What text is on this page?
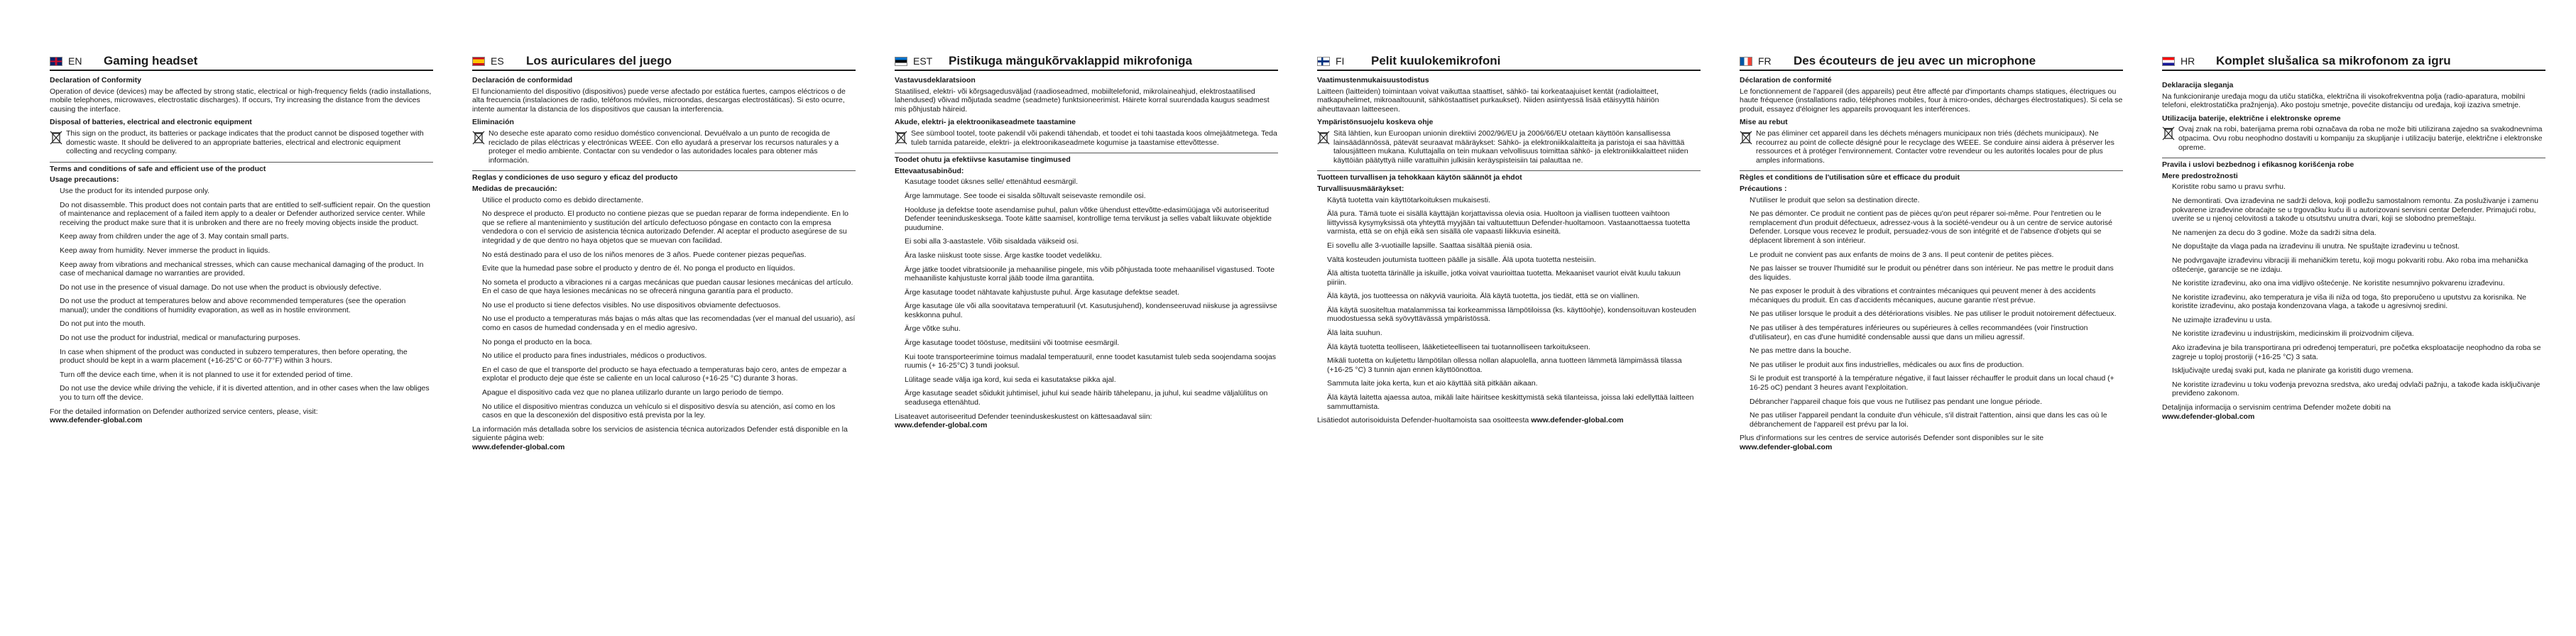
EN	Gaming headset
Declaration of Conformity

Operation of device (devices) may be affected by strong static, electrical or high-frequency fields (radio installations, mobile telephones, microwaves, electrostatic discharges). If occurs, Try increasing the distance from the devices causing the interface.

Disposal of batteries, electrical and electronic equipment

This sign on the product, its batteries or package indicates that the product cannot be disposed together with domestic waste. It should be delivered to an appropriate batteries, electrical and electronic equipment collecting and recycling company.

Terms and conditions of safe and efficient use of the product
Usage precautions:
Use the product for its intended purpose only.
Do not disassemble. This product does not contain parts that are entitled to self-sufficient repair. On the question of maintenance and replacement of a failed item apply to a dealer or Defender authorized service center. While receiving the product make sure that it is unbroken and there are no freely moving objects inside the product.
Keep away from children under the age of 3. May contain small parts.
Keep away from humidity. Never immerse the product in liquids.
Keep away from vibrations and mechanical stresses, which can cause mechanical damaging of the product. In case of mechanical damage no warranties are provided.
Do not use in the presence of visual damage. Do not use when the product is obviously defective.
Do not use the product at temperatures below and above recommended temperatures (see the operation manual); under the conditions of humidity evaporation, as well as in hostile environment.
Do not put into the mouth.
Do not use the product for industrial, medical or manufacturing purposes.
In case when shipment of the product was conducted in subzero temperatures, then before operating, the product should be kept in a warm placement (+16-25°C or 60-77°F) within 3 hours.
Turn off the device each time, when it is not planned to use it for extended period of time.
Do not use the device while driving the vehicle, if it is diverted attention, and in other cases when the law obliges you to turn off the device.
For the detailed information on Defender authorized service centers, please, visit:
www.defender-global.com
ES	Los auriculares del juego
Declaración de conformidad

El funcionamiento del dispositivo (dispositivos) puede verse afectado por estática fuertes, campos eléctricos o de alta frecuencia (instalaciones de radio, teléfonos móviles, microondas, descargas electrostáticas). Si esto ocurre, intente aumentar la distancia de los dispositivos que causan la interferencia.

Eliminación

No deseche este aparato como residuo doméstico convencional. Devuélvalo a un punto de recogida de reciclado de pilas eléctricas y electrónicas WEEE. Con ello ayudará a preservar los recursos naturales y a proteger el medio ambiente. Contactar con su vendedor o las autoridades locales para obtener más información.

Reglas y condiciones de uso seguro y eficaz del producto
Medidas de precaución:
Utilice el producto como es debido directamente.
No desprece el producto. El producto no contiene piezas que se puedan reparar de forma independiente. En lo que se refiere al mantenimiento y sustitución del artículo defectuoso póngase en contacto con la empresa vendedora o con el servicio de asistencia técnica autorizado Defender. Al aceptar el producto asegúrese de su integridad y de que dentro no haya objetos que se muevan con facilidad.
No está destinado para el uso de los niños menores de 3 años. Puede contener piezas pequeñas.
Evite que la humedad pase sobre el producto y dentro de él. No ponga el producto en líquidos.
No someta el producto a vibraciones ni a cargas mecánicas que puedan causar lesiones mecánicas del artículo. En el caso de que haya lesiones mecánicas no se ofrecerá ninguna garantía para el producto.
No use el producto si tiene defectos visibles. No use dispositivos obviamente defectuosos.
No use el producto a temperaturas más bajas o más altas que las recomendadas (ver el manual del usuario), así como en casos de humedad condensada y en el medio agresivo.
No ponga el producto en la boca.
No utilice el producto para fines industriales, médicos o productivos.
En el caso de que el transporte del producto se haya efectuado a temperaturas bajo cero, antes de empezar a explotar el producto deje que éste se caliente en un local caluroso (+16-25 °C) durante 3 horas.
Apague el dispositivo cada vez que no planea utilizarlo durante un largo periodo de tiempo.
No utilice el dispositivo mientras conduzca un vehículo si el dispositivo desvía su atención, así como en los casos en que la desconexión del dispositivo está prevista por la ley.
La información más detallada sobre los servicios de asistencia técnica autorizados Defender está disponible en la siguiente página web:
www.defender-global.com
EST	Pistikuga mängukõrvaklappid mikrofoniga
Vastavusdeklaratsioon

Staatilised, elektri- või kõrgsagedusväljad (raadioseadmed, mobiiltelefonid, mikrolaineahjud, elektrostaatilised lahendused) võivad mõjutada seadme (seadmete) funktsioneerimist. Häirete korral suurendada kaugus seadmest mis põhjustab häireid.

Akude, elektri- ja elektroonikaseadmete taastamine

See sümbool tootel, toote pakendil või pakendi tähendab, et toodet ei tohi taastada koos olmejäätmetega. Teda tuleb tarnida patareide, elektri- ja elektroonikaseadmete kogumise ja taastamise ettevõttesse.

Toodet ohutu ja efektiivse kasutamise tingimused
Ettevaatusabinõud:
Kasutage toodet üksnes selle/ ettenähtud eesmärgil.
Ärge lammutage. See toode ei sisalda sõltuvalt seisevaste remondile osi.
Hoolduse ja defektse toote asendamise puhul, palun võtke ühendust ettevõtte-edasimüüjaga või autoriseeritud Defender teeninduskesksega. Toote kätte saamisel, kontrollige tema tervikust ja selles vabalt liikuvate objektide puudumine.
Ei sobi alla 3-aastastele. Võib sisaldada väikseid osi.
Ära laske niiskust toote sisse. Ärge kastke toodet vedelikku.
Ärge jätke toodet vibratsioonile ja mehaanilise pingele, mis võib põhjustada toote mehaanilisel vigastused. Toote mehaaniliste kahjustuste korral jääb toode ilma garantiita.
Ärge kasutage toodet nähtavate kahjustuste puhul. Ärge kasutage defektse seadet.
Ärge kasutage üle või alla soovitatava temperatuuril (vt. Kasutusjuhend), kondenseeruvad niiskuse ja agressiivse keskkonna puhul.
Ärge võtke suhu.
Ärge kasutage toodet tööstuse, meditsiini või tootmise eesmärgil.
Kui toote transporteerimine toimus madalal temperatuuril, enne toodet kasutamist tuleb seda soojendama soojas ruumis (+ 16-25°C) 3 tundi jooksul.
Lülitage seade välja iga kord, kui seda ei kasutatakse pikka ajal.
Ärge kasutage seadet sõidukit juhtimisel, juhul kui seade häirib tähelepanu, ja juhul, kui seadme väljalülitus on seadusega ettenähtud.
Lisateavet autoriseeritud Defender teeninduskeskustest on kättesaadaval siin:
www.defender-global.com
FI	Pelit kuulokemikrofoni
Vaatimustenmukaisuustodistus

Laitteen (laitteiden) toimintaan voivat vaikuttaa staattiset, sähkö- tai korkeataajuiset kentät (radiolaitteet, matkapuhelimet, mikroaaltouunit, sähköstaattiset purkaukset). Niiden asiintyessä lisää etäisyyttä häiriön aiheuttavaan laitteeseen.

Ympäristönsuojelu koskeva ohje

Sitä lähtien, kun Euroopan unionin direktiivi 2002/96/EU ja 2006/66/EU otetaan käyttöön kansallisessa lainsäädännössä, pätevät seuraavat määräykset: Sähkö- ja elektroniikkalaitteita ja paristoja ei saa hävittää talousjätteen mukana. Kuluttajalla on tein mukaan velvollisuus toimittaa sähkö- ja elektroniikkalaitteet niiden käyttöiän päätyttyä niille varattuihin julkisiin keräyspisteisiin tai palauttaa ne.

Tuotteen turvallisen ja tehokkaan käytön säännöt ja ehdot
Turvallisuusmääräykset:
Käytä tuotetta vain käyttötarkoituksen mukaisesti.
Älä pura. Tämä tuote ei sisällä käyttäjän korjattavissa olevia osia. Huoltoon ja viallisen tuotteen vaihtoon liittyvissä kysymyksissä ota yhteyttä myyjään tai valtuutettuun Defender-huoltamoon. Vastaanottaessa tuotetta varmista, että se on ehjä eikä sen sisällä ole vapaasti liikkuvia esineitä.
Ei sovellu alle 3-vuotiaille lapsille. Saattaa sisältää pieniä osia.
Vältä kosteuden joutumista tuotteen päälle ja sisälle. Älä upota tuotetta nesteisiin.
Älä altista tuotetta tärinälle ja iskuille, jotka voivat vaurioittaa tuotetta. Mekaaniset vauriot eivät kuulu takuun piiriin.
Älä käytä, jos tuotteessa on näkyviä vaurioita. Älä käytä tuotetta, jos tiedät, että se on viallinen.
Älä käytä suositeltua matalammissa tai korkeammissa lämpötiloissa (ks. käyttöohje), kondensoituvan kosteuden muodostuessa sekä syövyttävässä ympäristössä.
Älä laita suuhun.
Älä käytä tuotetta teolliseen, lääketieteelliseen tai tuotannolliseen tarkoitukseen.
Mikäli tuotetta on kuljetettu lämpötilan ollessa nollan alapuolella, anna tuotteen lämmetä lämpimässä tilassa (+16-25 °C) 3 tunnin ajan ennen käyttöönottoa.
Sammuta laite joka kerta, kun et aio käyttää sitä pitkään aikaan.
Älä käytä laitetta ajaessa autoa, mikäli laite häiritsee keskittymistä sekä tilanteissa, joissa laki edellyttää laitteen sammuttamista.
Lisätiedot autorisoiduista Defender-huoltamoista saa osoitteesta www.defender-global.com
FR	Des écouteurs de jeu avec un microphone
Déclaration de conformité

Le fonctionnement de l'appareil (des appareils) peut être affecté par d'importants champs statiques, électriques ou haute fréquence (installations radio, téléphones mobiles, four à micro-ondes, décharges électrostatiques). Si cela se produit, essayez d'éloigner les appareils provoquant les interférences.

Mise au rebut

Ne pas éliminer cet appareil dans les déchets ménagers municipaux non triés (déchets municipaux). Ne recourrez au point de collecte désigné pour le recyclage des WEEE. Se conduire ainsi aidera à préserver les ressources et à protéger l'environnement. Contacter votre revendeur ou les autorités locales pour de plus amples informations.

Règles et conditions de l'utilisation sûre et efficace du produit
Précautions :
N'utiliser le produit que selon sa destination directe.
Ne pas démonter. Ce produit ne contient pas de pièces qu'on peut réparer soi-même. Pour l'entretien ou le remplacement d'un produit défectueux, adressez-vous à la société-vendeur ou à un centre de service autorisé Defender. Lorsque vous recevez le produit, persuadez-vous de son intégrité et de l'absence d'objets qui se déplacent librement à son intérieur.
Le produit ne convient pas aux enfants de moins de 3 ans. Il peut contenir de petites pièces.
Ne pas laisser se trouver l'humidité sur le produit ou pénétrer dans son intérieur. Ne pas mettre le produit dans des liquides.
Ne pas exposer le produit à des vibrations et contraintes mécaniques qui peuvent mener à des accidents mécaniques du produit. En cas d'accidents mécaniques, aucune garantie n'est prévue.
Ne pas utiliser lorsque le produit a des détériorations visibles. Ne pas utiliser le produit notoirement défectueux.
Ne pas utiliser à des températures inférieures ou supérieures à celles recommandées (voir l'instruction d'utilisateur), en cas d'une humidité condensable aussi que dans un milieu agressif.
Ne pas mettre dans la bouche.
Ne pas utiliser le produit aux fins industrielles, médicales ou aux fins de production.
Si le produit est transporté à la température négative, il faut laisser réchauffer le produit dans un local chaud (+ 16-25 oC) pendant 3 heures avant l'exploitation.
Débrancher l'appareil chaque fois que vous ne l'utilisez pas pendant une longue période.
Ne pas utiliser l'appareil pendant la conduite d'un véhicule, s'il distrait l'attention, ainsi que dans les cas où le débranchement de l'appareil est prévu par la loi.
Plus d'informations sur les centres de service autorisés Defender sont disponibles sur le site
www.defender-global.com
HR	Komplet slušalica sa mikrofonom za igru
Deklaracija sleganja

Na funkcioniranje uređaja mogu da utiču statička, električna ili visokofrekventna polja (radio-aparatura, mobilni telefoni, elektrostatička pražnjenja). Ako postoju smetnje, povećite distanciju od uređaja, koji izaziva smetnje.

Utilizacija baterije, električne i elektronske opreme

Ovaj znak na robi, baterijama prema robi označava da roba ne može biti utilizirana zajedno sa svakodnevnima otpacima. Ovu robu neophodno dostaviti u kompaniju za skupljanje i utilizaciju baterije, električne i elektronske opreme.

Pravila i uslovi bezbednog i efikasnog korišćenja robe
Mere predostrožnosti
Koristite robu samo u pravu svrhu.
Ne demontirati. Ova izrađevina ne sadrži delova, koji podležu samostalnom remontu. Za posluživanje i zamenu pokvarene izrađevine obraćajte se u trgovačku kuću ili u autorizovani servisni centar Defender. Primajući robu, uverite se u njenoj celovitosti a takođe u otsutstvu unutra dvari, koji se slobodno premeštaju.
Ne namenjen za decu do 3 godine. Može da sadrži sitna dela.
Ne dopuštajte da vlaga pada na izrađevinu ili unutra. Ne spuštajte izrađevinu u tečnost.
Ne podvrgavajte izrađevinu vibraciji ili mehaničkim teretu, koji mogu pokvariti robu. Ako roba ima mehanička oštećenje, garancije se ne izdaju.
Ne koristite izrađevinu, ako ona ima vidljivo oštećenje. Ne koristite nesumnjivo pokvarenu izrađevinu.
Ne koristite izrađevinu, ako temperatura je viša ili niža od toga, što preporučeno u uputstvu za korisnika. Ne koristite izrađevinu, ako postaja kondenzovana vlaga, a takođe u agresivnoj sredini.
Ne uzimajte izrađevinu u usta.
Ne koristite izrađevinu u industrijskim, medicinskim ili proizvodnim ciljeva.
Ako izrađevina je bila transportirana pri određenoj temperaturi, pre početka eksploatacije neophodno da roba se zagreje u toploj prostoriji (+16-25 °C) 3 sata.
Isključivajte uređaj svaki put, kada ne planirate ga koristiti dugo vremena.
Ne koristite izrađevinu u toku vođenja prevozna sredstva, ako uređaj odvlači pažnju, a takođe kada isključivanje previđeno zakonom.
Detaljnija informacija o servisnim centrima Defender možete dobiti na
www.defender-global.com
